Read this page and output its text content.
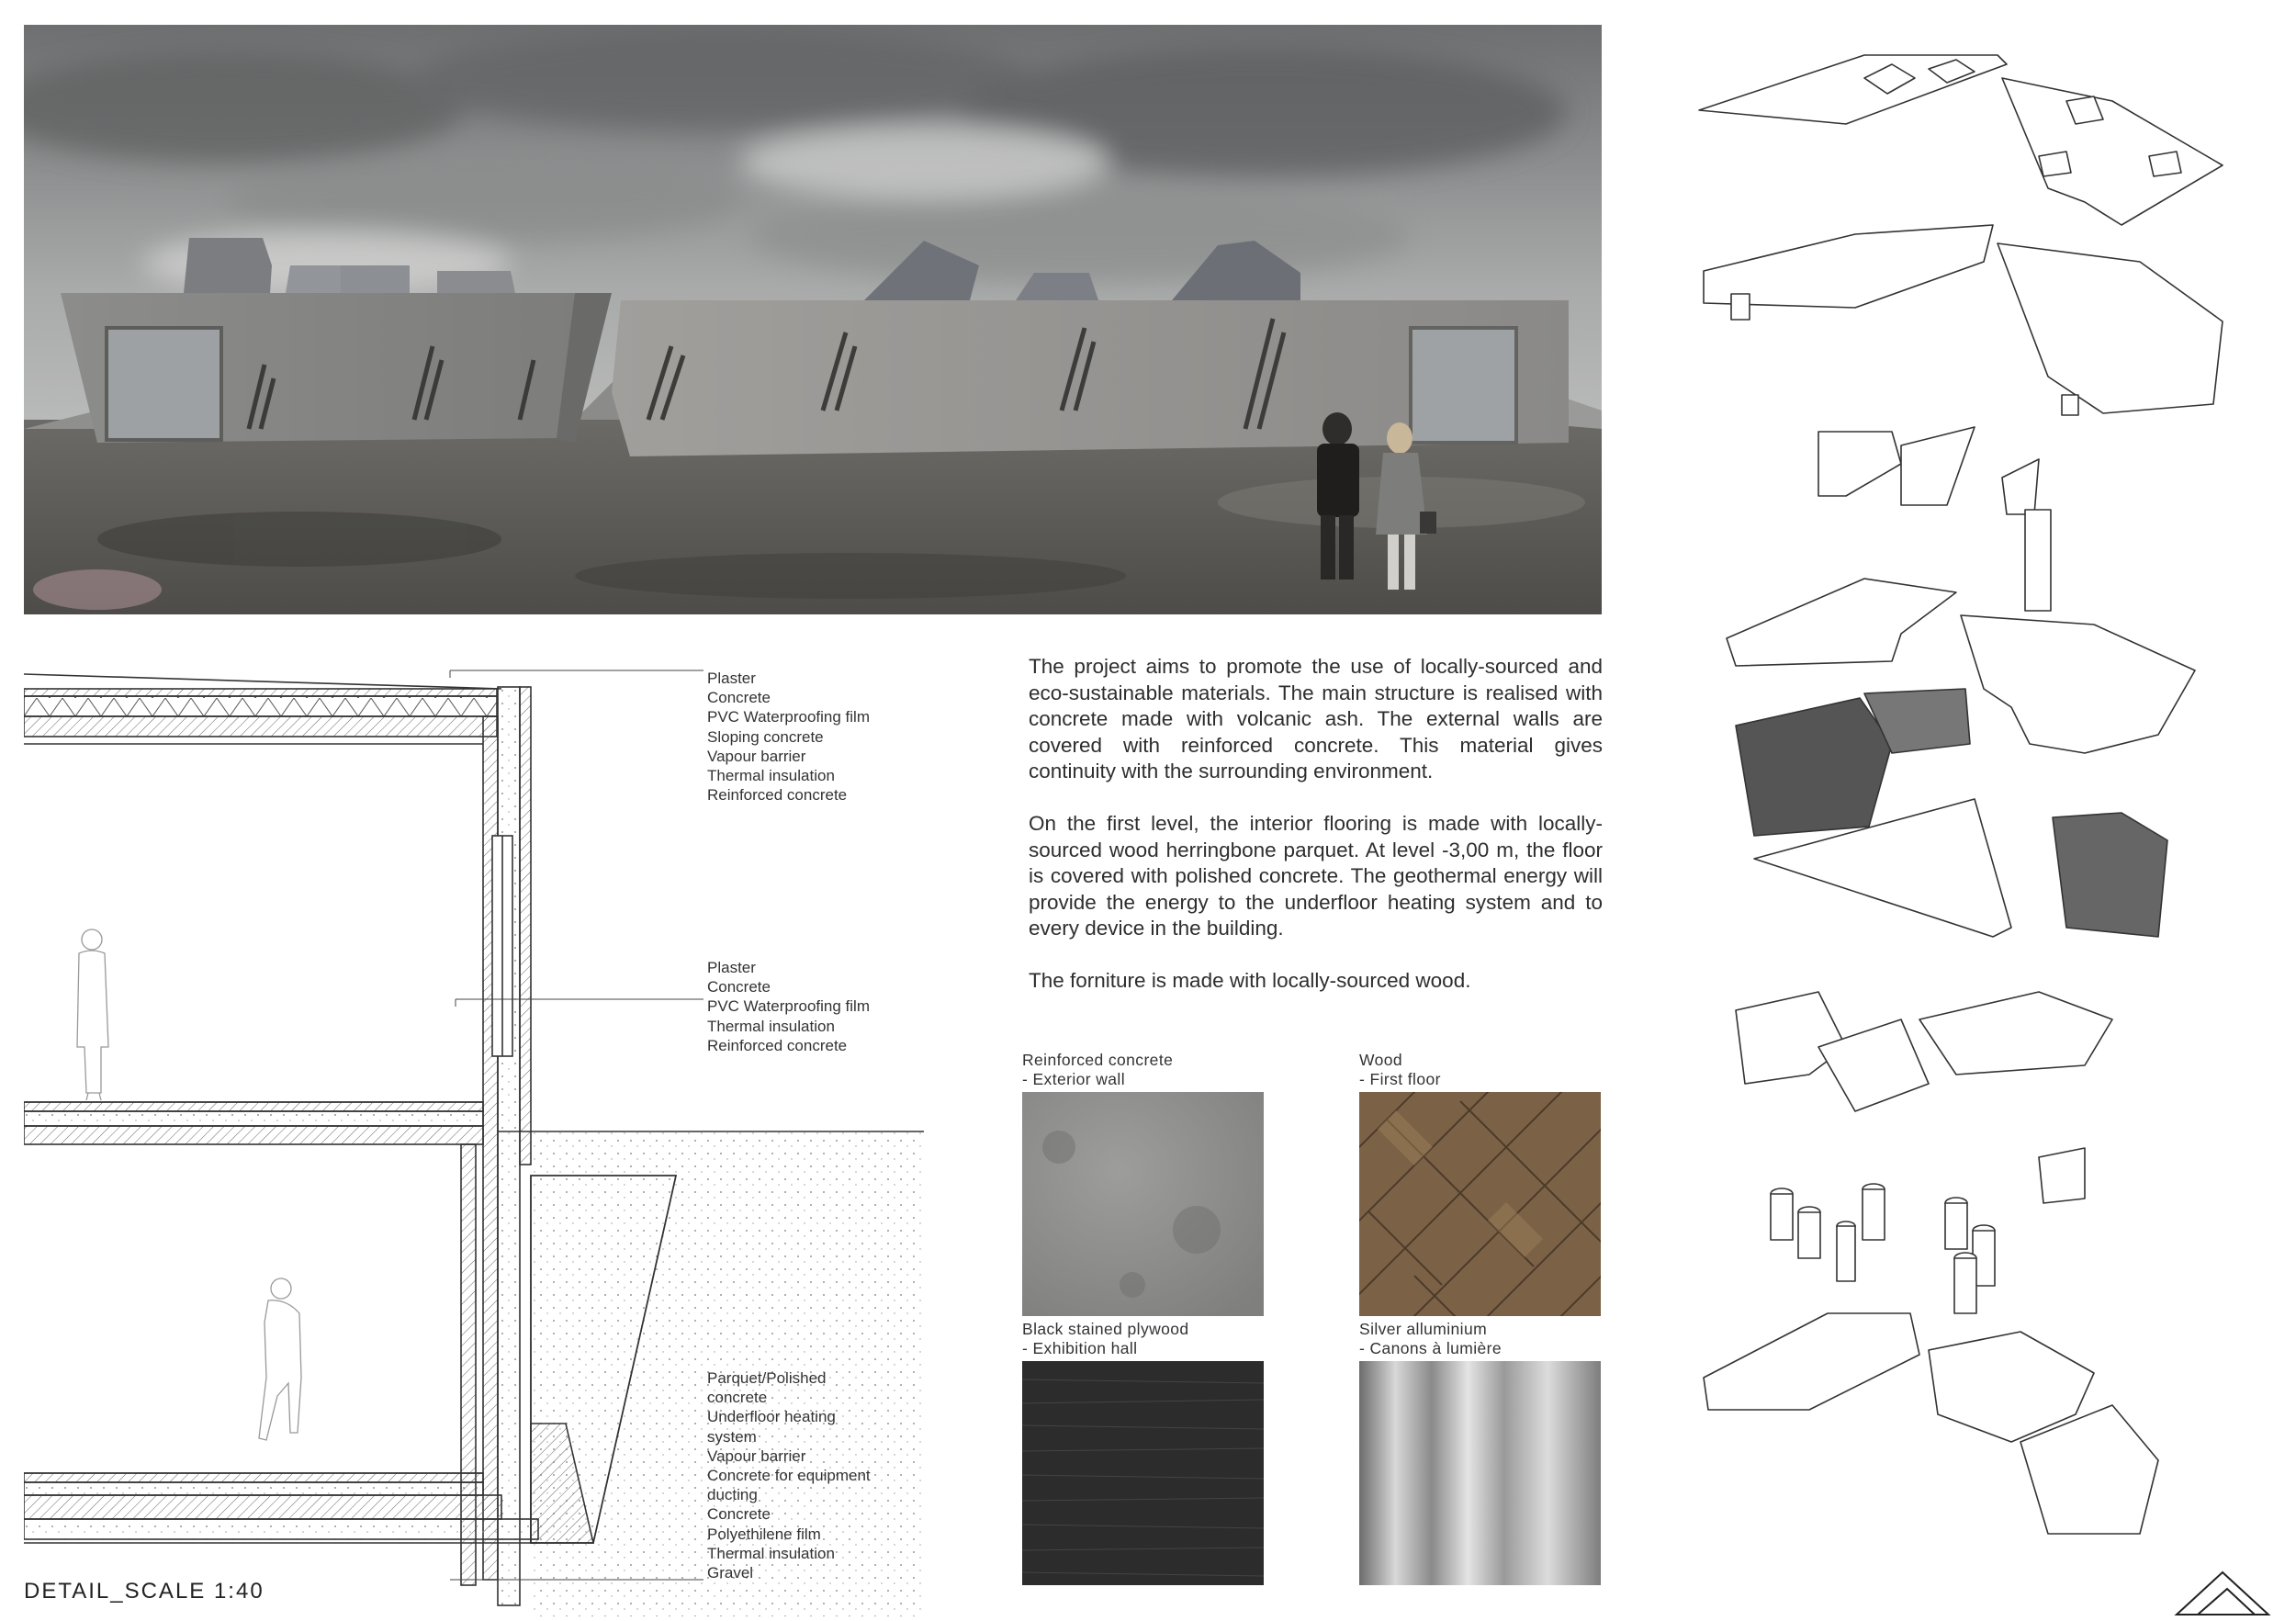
Plaster
Concrete
PVC Waterproofing film
Sloping concrete
Vapour barrier
Thermal insulation
Reinforced concrete
Plaster
Concrete
PVC Waterproofing film
Thermal insulation
Reinforced concrete
Parquet/Polished
concrete
Underfloor heating
system
Vapour barrier
Concrete for equipment
ducting
Concrete
Polyethilene film
Thermal insulation
Gravel
DETAIL_SCALE 1:40

The project aims to promote the use of locally-sourced and eco-sustainable materials. The main structure is realised with concrete made with volcanic ash. The external walls are covered with reinforced concrete. This material gives continuity with the surrounding environment.

On the first level, the interior flooring is made with locally-sourced wood herringbone parquet. At level -3,00 m, the floor is covered with polished concrete. The geothermal energy will provide the energy to the underfloor heating system and to every device in the building.

The forniture is made with locally-sourced wood.

Reinforced concrete
- Exterior wall
Wood
- First floor
Black stained plywood
- Exhibition hall
Silver alluminium
- Canons à lumière
